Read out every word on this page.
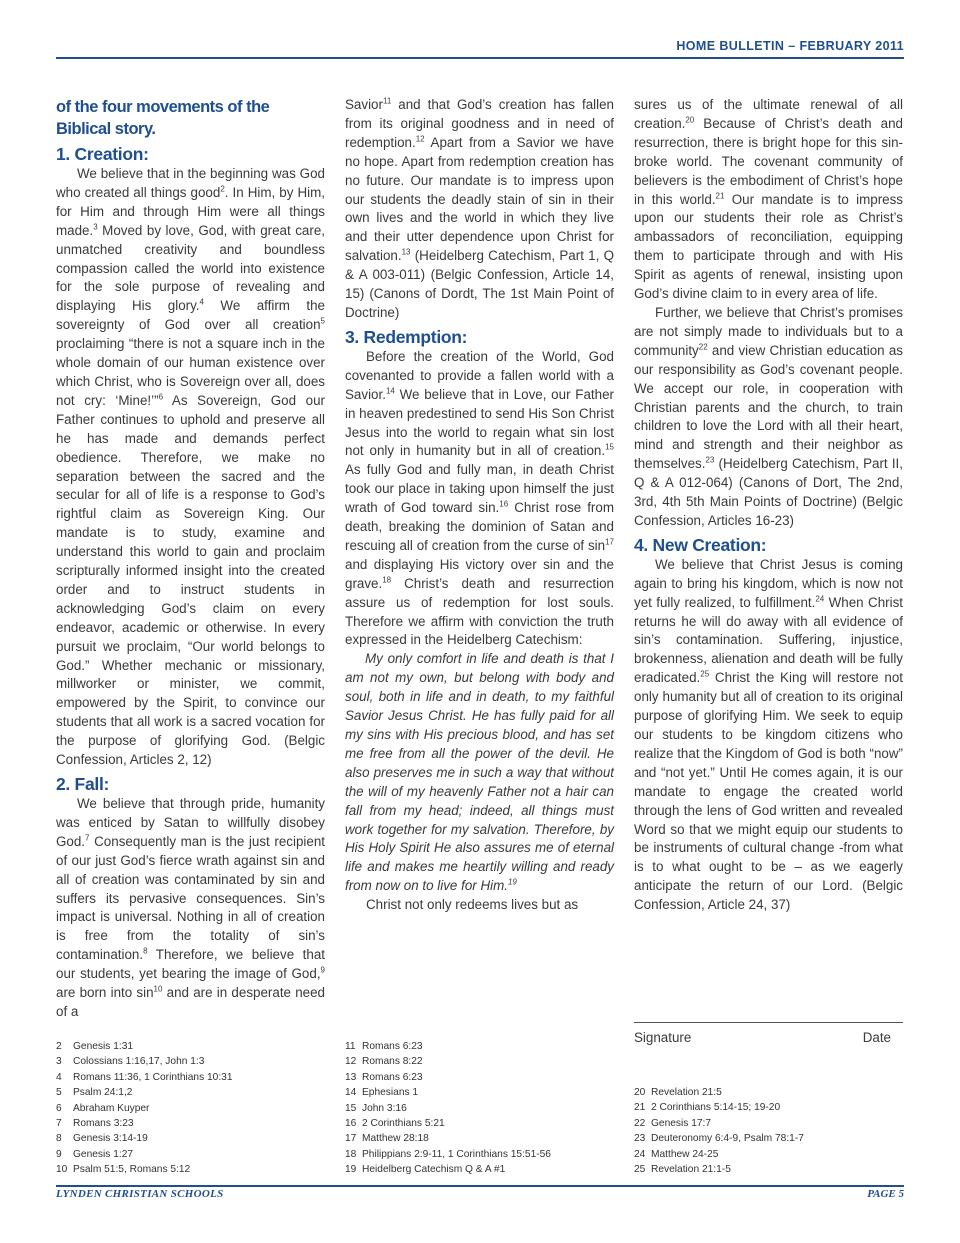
HOME BULLETIN – FEBRUARY 2011
of the four movements of the Biblical story.
1. Creation:

We believe that in the beginning was God who created all things good$^2$. In Him, by Him, for Him and through Him were all things made.$^3$ Moved by love, God, with great care, unmatched creativity and boundless compassion called the world into existence for the sole purpose of revealing and displaying His glory.$^4$ We affirm the sovereignty of God over all creation$^5$ proclaiming “there is not a square inch in the whole domain of our human existence over which Christ, who is Sovereign over all, does not cry: ‘Mine!’”$^6$ As Sovereign, God our Father continues to uphold and preserve all he has made and demands perfect obedience. Therefore, we make no separation between the sacred and the secular for all of life is a response to God’s rightful claim as Sovereign King. Our mandate is to study, examine and understand this world to gain and proclaim scripturally informed insight into the created order and to instruct students in acknowledging God’s claim on every endeavor, academic or otherwise. In every pursuit we proclaim, “Our world belongs to God.” Whether mechanic or missionary, millworker or minister, we commit, empowered by the Spirit, to convince our students that all work is a sacred vocation for the purpose of glorifying God. (Belgic Confession, Articles 2, 12)

2. Fall:

We believe that through pride, humanity was enticed by Satan to willfully disobey God.$^7$ Consequently man is the just recipient of our just God’s fierce wrath against sin and all of creation was contaminated by sin and suffers its pervasive consequences. Sin’s impact is universal. Nothing in all of creation is free from the totality of sin’s contamination.$^8$ Therefore, we believe that our students, yet bearing the image of God,$^9$ are born into $\sin^{10}$ and are in desperate need of a

Savior$^{11}$ and that God’s creation has fallen from its original goodness and in need of redemption.$^{12}$ Apart from a Savior we have no hope. Apart from redemption creation has no future. Our mandate is to impress upon our students the deadly stain of sin in their own lives and the world in which they live and their utter dependence upon Christ for salvation.$^{13}$ (Heidelberg Catechism, Part 1, Q & A 003-011) (Belgic Confession, Article 14, 15) (Canons of Dordt, The 1st Main Point of Doctrine)

3. Redemption:

Before the creation of the World, God covenanted to provide a fallen world with a Savior.$^{14}$ We believe that in Love, our Father in heaven predestined to send His Son Christ Jesus into the world to regain what sin lost not only in humanity but in all of creation.$^{15}$ As fully God and fully man, in death Christ took our place in taking upon himself the just wrath of God toward sin.$^{16}$ Christ rose from death, breaking the dominion of Satan and rescuing all of creation from the curse of $\sin^{17}$ and displaying His victory over sin and the grave.$^{18}$ Christ’s death and resurrection assure us of redemption for lost souls. Therefore we affirm with conviction the truth expressed in the Heidelberg Catechism:

My only comfort in life and death is that I am not my own, but belong with body and soul, both in life and in death, to my faithful Savior Jesus Christ. He has fully paid for all my sins with His precious blood, and has set me free from all the power of the devil. He also preserves me in such a way that without the will of my heavenly Father not a hair can fall from my head; indeed, all things must work together for my salvation. Therefore, by His Holy Spirit He also assures me of eternal life and makes me heartily willing and ready from now on to live for Him.$^{19}$

Christ not only redeems lives but as

sures us of the ultimate renewal of all creation.$^{20}$ Because of Christ’s death and resurrection, there is bright hope for this sin-broke world. The covenant community of believers is the embodiment of Christ’s hope in this world.$^{21}$ Our mandate is to impress upon our students their role as Christ’s ambassadors of reconciliation, equipping them to participate through and with His Spirit as agents of renewal, insisting upon God’s divine claim to in every area of life.

Further, we believe that Christ’s promises are not simply made to individuals but to a community$^{22}$ and view Christian education as our responsibility as God’s covenant people. We accept our role, in cooperation with Christian parents and the church, to train children to love the Lord with all their heart, mind and strength and their neighbor as themselves.$^{23}$ (Heidelberg Catechism, Part II, Q & A 012-064) (Canons of Dort, The 2nd, 3rd, 4th 5th Main Points of Doctrine) (Belgic Confession, Articles 16-23)

4. New Creation:

We believe that Christ Jesus is coming again to bring his kingdom, which is now not yet fully realized, to fulfillment.$^{24}$ When Christ returns he will do away with all evidence of sin’s contamination. Suffering, injustice, brokenness, alienation and death will be fully eradicated.$^{25}$ Christ the King will restore not only humanity but all of creation to its original purpose of glorifying Him. We seek to equip our students to be kingdom citizens who realize that the Kingdom of God is both “now” and “not yet.” Until He comes again, it is our mandate to engage the created world through the lens of God written and revealed Word so that we might equip our students to be instruments of cultural change -from what is to what ought to be – as we eagerly anticipate the return of our Lord. (Belgic Confession, Article 24, 37)

Signature	Date
2	Genesis 1:31
3	Colossians 1:16,17, John 1:3
4	Romans 11:36, 1 Corinthians 10:31
5	Psalm 24:1,2
6	Abraham Kuyper
7	Romans 3:23
8	Genesis 3:14-19
9	Genesis 1:27
10 Psalm 51:5, Romans 5:12
11 Romans 6:23
12 Romans 8:22
13 Romans 6:23
14 Ephesians 1
15 John 3:16
16 2 Corinthians 5:21
17 Matthew 28:18
18 Philippians 2:9-11, 1 Corinthians 15:51-56
19 Heidelberg Catechism Q & A #1
20 Revelation 21:5
21 2 Corinthians 5:14-15; 19-20
22 Genesis 17:7
23 Deuteronomy 6:4-9, Psalm 78:1-7
24 Matthew 24-25
25 Revelation 21:1-5
LYNDEN CHRISTIAN SCHOOLS	PAGE 5
